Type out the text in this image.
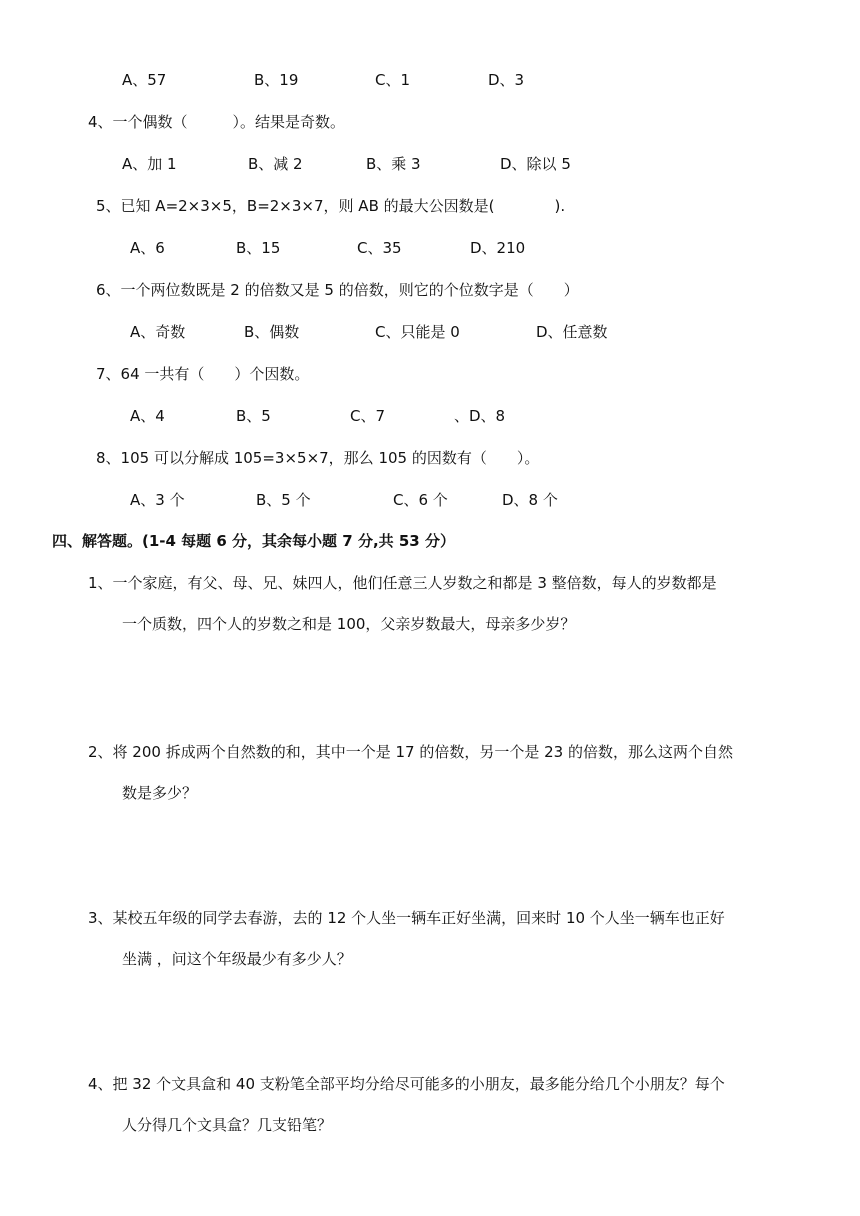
A、57	B、19	C、1	D、3
4、一个偶数（　　　）。结果是奇数。
A、加 1	B、减 2	B、乘 3	D、除以 5
5、已知 A=2×3×5，B=2×3×7，则 AB 的最大公因数是(　　　　).
A、6	B、15	C、35	D、210
6、一个两位数既是 2 的倍数又是 5 的倍数，则它的个位数字是（　　）
A、奇数	B、偶数	C、只能是 0	D、任意数
7、64 一共有（　　）个因数。
A、4	B、5	C、7	、D、8
8、105 可以分解成 105=3×5×7，那么 105 的因数有（　　）。
A、3 个	B、5 个	C、6 个	D、8 个
四、解答题。(1-4 每题 6 分，其余每小题 7 分,共 53 分）
1、一个家庭，有父、母、兄、妹四人，他们任意三人岁数之和都是 3 整倍数，每人的岁数都是
一个质数，四个人的岁数之和是 100，父亲岁数最大，母亲多少岁？
2、将 200 拆成两个自然数的和，其中一个是 17 的倍数，另一个是 23 的倍数，那么这两个自然
数是多少？
3、某校五年级的同学去春游，去的 12 个人坐一辆车正好坐满，回来时 10 个人坐一辆车也正好
坐满 ，问这个年级最少有多少人？
4、把 32 个文具盒和 40 支粉笔全部平均分给尽可能多的小朋友，最多能分给几个小朋友？每个
人分得几个文具盒？几支铅笔？
